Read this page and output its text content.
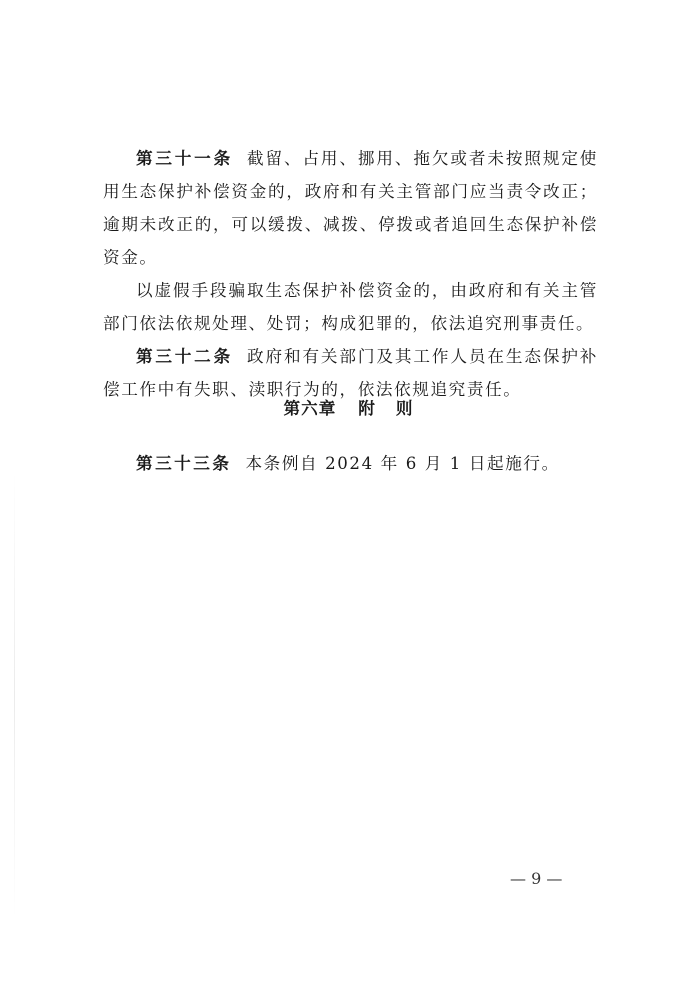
第三十一条 截留、占用、挪用、拖欠或者未按照规定使用生态保护补偿资金的，政府和有关主管部门应当责令改正；逾期未改正的，可以缓拨、减拨、停拨或者追回生态保护补偿资金。

以虚假手段骗取生态保护补偿资金的，由政府和有关主管部门依法依规处理、处罚；构成犯罪的，依法追究刑事责任。

第三十二条 政府和有关部门及其工作人员在生态保护补偿工作中有失职、渎职行为的，依法依规追究责任。

第六章 附 则

第三十三条 本条例自 2024 年 6 月 1 日起施行。

— 9 —
